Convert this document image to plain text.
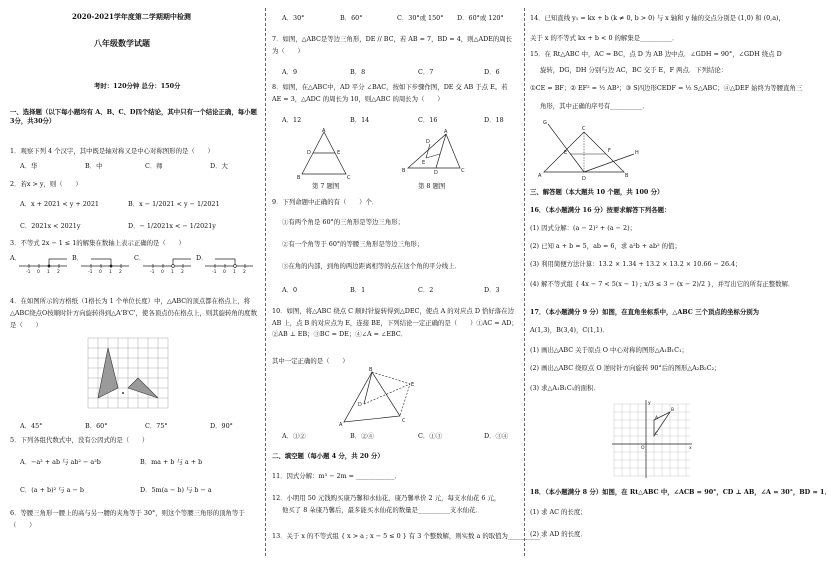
2020-2021学年度第二学期期中检测
八年级数学试题
考时：120分钟 总分：150分
一、选择题（以下每小题均有 A、B、C、D四个结论，其中只有一个结论正确，每小题3分，共30分）
1．观察下列 4 个汉字，其中既是轴对称又是中心对称图形的是（　　）
A．华	B．中	C．师	D．大
2．若x > y，则（　　）
A．x + 2021 < y + 2021	B．x − 1/2021 < y − 1/2021
C．2021x < 2021y	D．− 1/2021x < − 1/2021y
3．不等式 2x − 1 ≤ 1的解集在数轴上表示正确的是（　　）
A．	B．	C．	D．
-1 0 1 2	-1 0 1 2	-1 0 1 2	-1 0 1 2
4．在如图所示的方格纸（1格长为 1 个单位长度）中，△ABC的顶点都在格点上，将△ABC绕点O按顺时针方向旋转得到△A'B'C'，使各顶点仍在格点上，则其旋转角的度数是（　　）
A．45°	B．60°	C．75°	D．90°
5．下列各组代数式中，没有公因式的是（　　）
A．−a² + ab 与 ab² − a²b	B．ma + b 与 a + b
C．(a + b)² 与 a − b	D．5m(a − b) 与 b − a
6．等腰三角形一腰上的高与另一腰的夹角等于 30°，则这个等腰三角形的顶角等于（　　）
A．30°	B．60°	C．30°或 150° D．60°或 120°
7．如图，△ABC是等边三角形，DE // BC，若 AB = 7，BD = 4，则△ADE的周长为（　　）
A．9	B．8	C．7	D．6
8．如图，在△ABC中，AD 平分 ∠BAC，按如下步骤作图，DE 交 AB 于点 E。若 AE = 3，△ADC 的周长为 10，则△ABC 的周长为（　　）
A．12	B．14	C．16	D．18
A
D	E
B	C
第 7 题图
A
D
E
B	D	C
第 8 题图
9．下列命题中正确的有（　　）个．
①有两个角是 60°的三角形是等边三角形；
②有一个角等于 60°的等腰三角形是等边三角形；
③在角的内部，到角的两边距离相等的点在这个角的平分线上．
A．0	B．1	C．2	D．3
10．如图，将△ABC 绕点 C 顺时针旋转得到△DEC，使点 A 的对应点 D 恰好落在边 AB 上，点 B 的对应点为 E，连接 BE，下列结论一定正确的是（　　）①AC = AD；②AB ⊥ EB；③BC = DE；④∠A = ∠EBC．
其中一定正确的是（　　）
B
D
E
A
C
A．①②	B．②④	C．①③	D．③④
二、填空题（每小题 4 分，共 20 分）
11．因式分解：m³ − 2m = ____________．
12．小明用 50 元钱购买康乃馨和水仙花，康乃馨单价 2 元，每支水仙花 6 元，
他买了 8 朵康乃馨后，最多能买水仙花的数量是__________支水仙花．
13．关于 x 的不等式组 { x > a ; x − 5 ≤ 0 } 有 3 个整数解，则实数 a 的取值为__________．
14．已知直线 y₁ = kx + b (k ≠ 0, b > 0) 与 x 轴和 y 轴的交点分别是 (1,0) 和 (0,a)，
关于 x 的不等式 kx + b < 0 的解集是__________．
15．在 Rt△ABC 中，AC = BC，点 D 为 AB 边中点．∠GDH = 90°，∠GDH 绕点 D
旋转，DG，DH 分别与边 AC，BC 交于 E，F 两点．下列结论：
①CE = BF；② EF² = ½ AB²；③ S四边形CEDF = ½ S△ABC；④△DEF 始终为等腰直角三
角形，其中正确的序号有__________．
G
C
E	F	H
A	D	B
三、解答题（本大题共 10 个题，共 100 分）
16．（本小题满分 16 分）按要求解答下列各题：
(1) 因式分解：(a − 2)² + (a − 2)；
(2) 已知 a + b = 5，ab = 6，求 a²b + ab² 的值；
(3) 利用简便方法计算：13.2 × 1.34 + 13.2 × 13.2 × 10.66 − 26.4；
(4) 解不等式组 { 4x − 7 < 5(x − 1) ; x/3 ≤ 3 − (x − 2)/2 }，并写出它的所有正整数解．
17．（本小题满分 9 分）如图，在直角坐标系中，△ABC 三个顶点的坐标分别为
A(1,3)，B(3,4)，C(1,1)．
(1) 画出△ABC 关于原点 O 中心对称的图形△A₁B₁C₁；
(2) 画出△ABC 绕原点 O 逆时针方向旋转 90°后的图形△A₂B₂C₂；
(3) 求△A₁B₁C₁的面积．
A
B
C
O	x
y
18．（本小题满分 8 分）如图，在 Rt△ABC 中，∠ACB = 90°，CD ⊥ AB，∠A = 30°，BD = 1．
(1) 求 AC 的长度；
(2) 求 AD 的长度．
